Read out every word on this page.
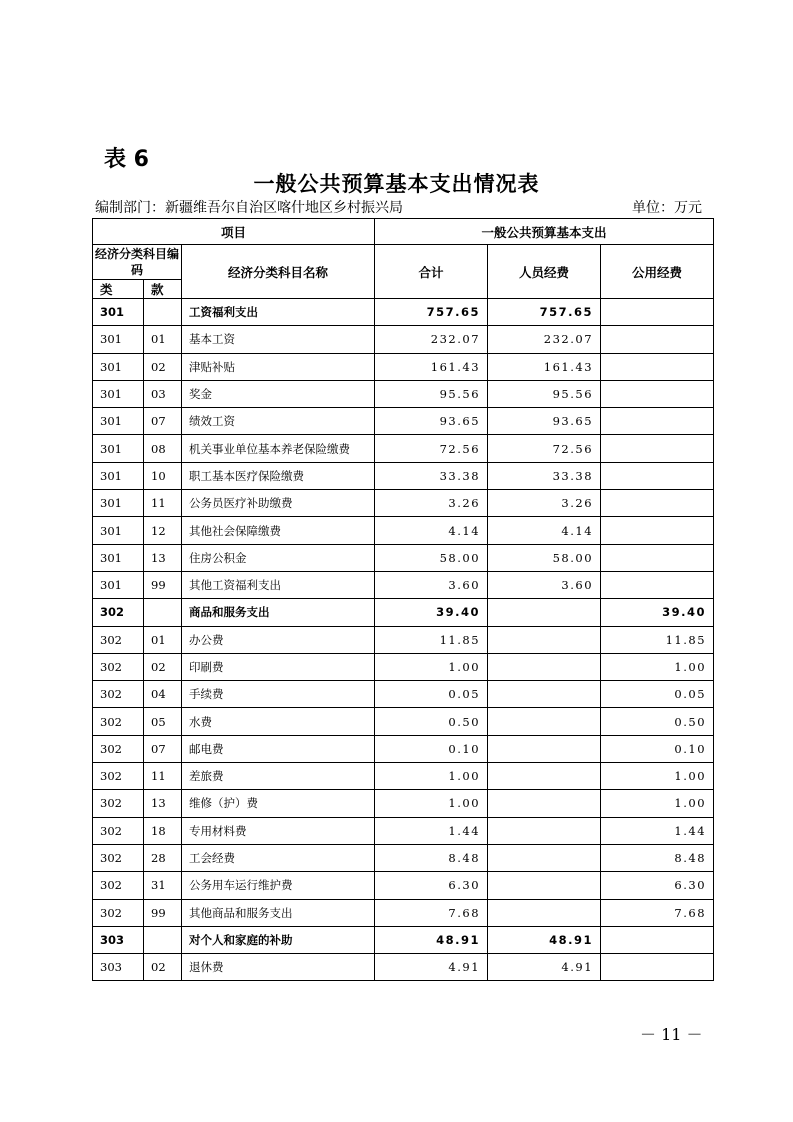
表 6
一般公共预算基本支出情况表
编制部门：新疆维吾尔自治区喀什地区乡村振兴局	单位：万元
项目			一般公共预算基本支出		
经济分类科目编码		经济分类科目名称	合计	人员经费	公用经费
类	款				
301		工资福利支出	757.65	757.65	
301	01	基本工资	232.07	232.07	
301	02	津贴补贴	161.43	161.43	
301	03	奖金	95.56	95.56	
301	07	绩效工资	93.65	93.65	
301	08	机关事业单位基本养老保险缴费	72.56	72.56	
301	10	职工基本医疗保险缴费	33.38	33.38	
301	11	公务员医疗补助缴费	3.26	3.26	
301	12	其他社会保障缴费	4.14	4.14	
301	13	住房公积金	58.00	58.00	
301	99	其他工资福利支出	3.60	3.60	
302		商品和服务支出	39.40		39.40
302	01	办公费	11.85		11.85
302	02	印刷费	1.00		1.00
302	04	手续费	0.05		0.05
302	05	水费	0.50		0.50
302	07	邮电费	0.10		0.10
302	11	差旅费	1.00		1.00
302	13	维修（护）费	1.00		1.00
302	18	专用材料费	1.44		1.44
302	28	工会经费	8.48		8.48
302	31	公务用车运行维护费	6.30		6.30
302	99	其他商品和服务支出	7.68		7.68
303		对个人和家庭的补助	48.91	48.91	
303	02	退休费	4.91	4.91	
－ 11 －
